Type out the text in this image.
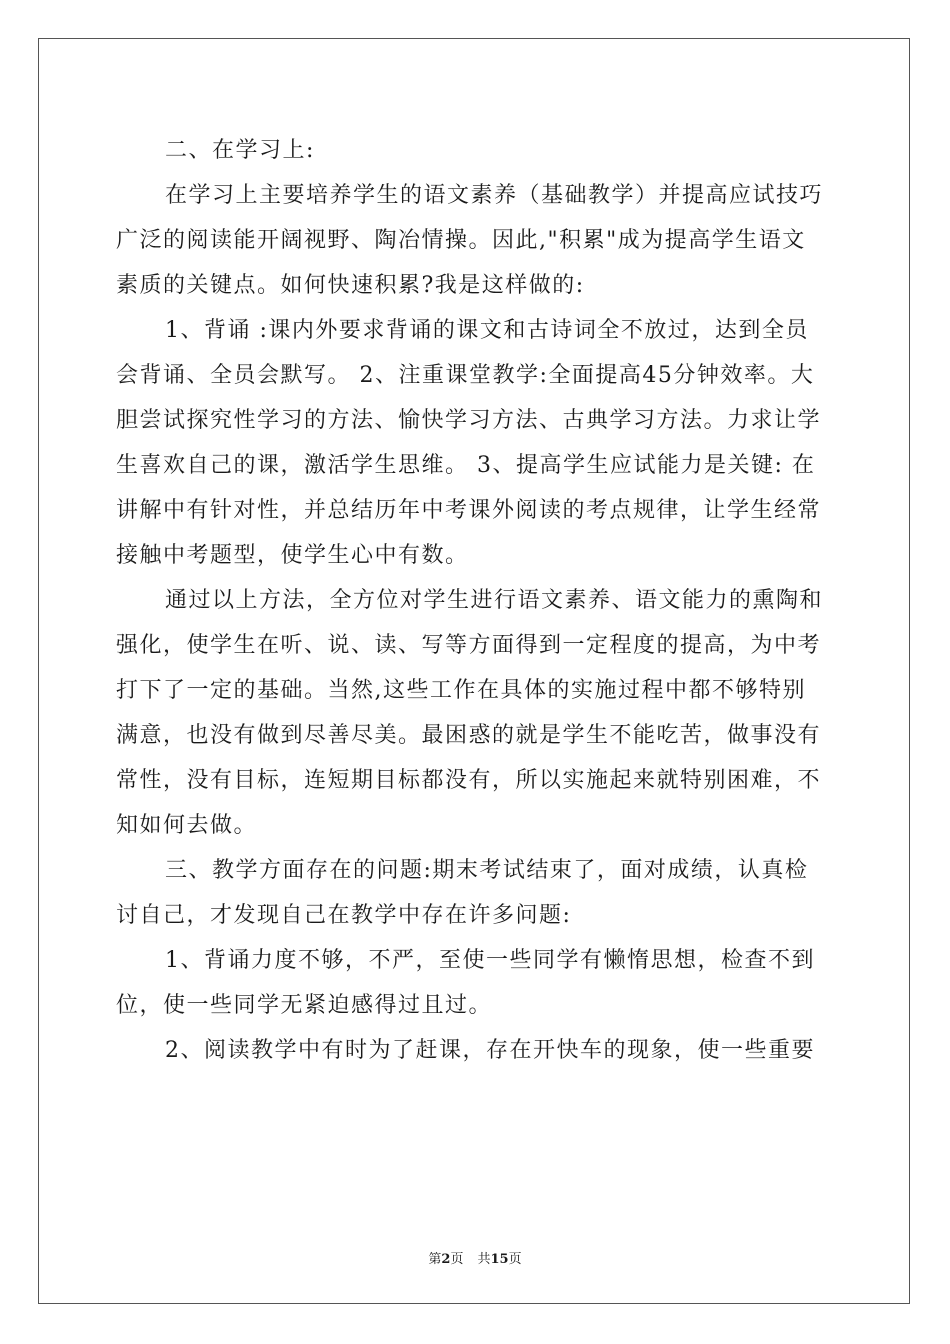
二、在学习上:
在学习上主要培养学生的语文素养（基础教学）并提高应试技巧
广泛的阅读能开阔视野、陶冶情操。因此,"积累"成为提高学生语文
素质的关键点。如何快速积累?我是这样做的:
1、背诵 :课内外要求背诵的课文和古诗词全不放过，达到全员
会背诵、全员会默写。 2、注重课堂教学:全面提高45分钟效率。大
胆尝试探究性学习的方法、愉快学习方法、古典学习方法。力求让学
生喜欢自己的课，激活学生思维。 3、提高学生应试能力是关键: 在
讲解中有针对性，并总结历年中考课外阅读的考点规律，让学生经常
接触中考题型，使学生心中有数。
通过以上方法，全方位对学生进行语文素养、语文能力的熏陶和
强化，使学生在听、说、读、写等方面得到一定程度的提高，为中考
打下了一定的基础。当然,这些工作在具体的实施过程中都不够特别
满意，也没有做到尽善尽美。最困惑的就是学生不能吃苦，做事没有
常性，没有目标，连短期目标都没有，所以实施起来就特别困难，不
知如何去做。
三、教学方面存在的问题:期末考试结束了，面对成绩，认真检
讨自己，才发现自己在教学中存在许多问题:
1、背诵力度不够，不严，至使一些同学有懒惰思想，检查不到
位，使一些同学无紧迫感得过且过。
2、阅读教学中有时为了赶课，存在开快车的现象，使一些重要
第2页 共15页
